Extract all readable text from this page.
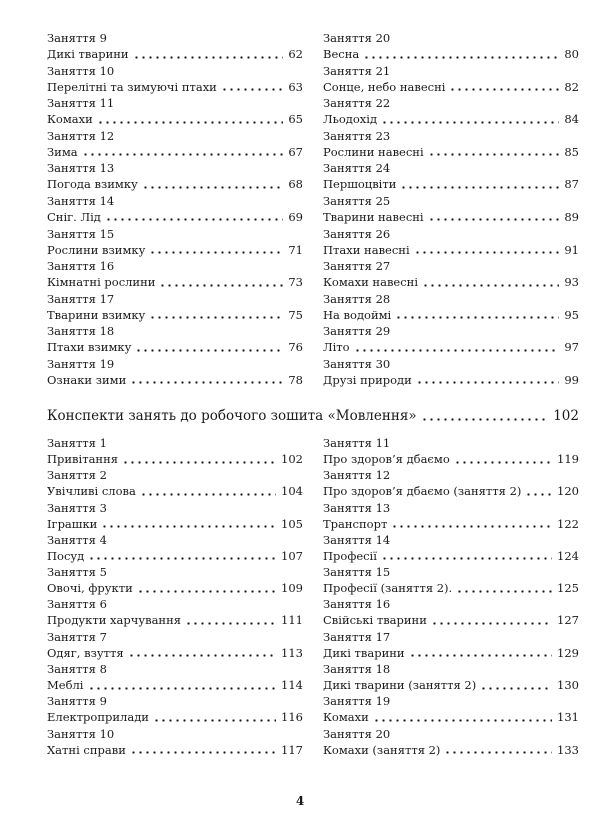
Заняття 9
Дикі тварини	62
Заняття 10
Перелітні та зимуючі птахи	63
Заняття 11
Комахи	65
Заняття 12
Зима	67
Заняття 13
Погода взимку	68
Заняття 14
Сніг. Лід	69
Заняття 15
Рослини взимку	71
Заняття 16
Кімнатні рослини	73
Заняття 17
Тварини взимку	75
Заняття 18
Птахи взимку	76
Заняття 19
Ознаки зими	78
Заняття 20
Весна	80
Заняття 21
Сонце, небо навесні	82
Заняття 22
Льодохід	84
Заняття 23
Рослини навесні	85
Заняття 24
Першоцвіти	87
Заняття 25
Тварини навесні	89
Заняття 26
Птахи навесні	91
Заняття 27
Комахи навесні	93
Заняття 28
На водоймі	95
Заняття 29
Літо	97
Заняття 30
Друзі природи	99
Конспекти занять до робочого зошита «Мовлення»	102
Заняття 1
Привітання	102
Заняття 2
Увічливі слова	104
Заняття 3
Іграшки	105
Заняття 4
Посуд	107
Заняття 5
Овочі, фрукти	109
Заняття 6
Продукти харчування	111
Заняття 7
Одяг, взуття	113
Заняття 8
Меблі	114
Заняття 9
Електроприлади	116
Заняття 10
Хатні справи	117
Заняття 11
Про здоров’я дбаємо	119
Заняття 12
Про здоров’я дбаємо (заняття 2)	120
Заняття 13
Транспорт	122
Заняття 14
Професії	124
Заняття 15
Професії (заняття 2).	125
Заняття 16
Свійські тварини	127
Заняття 17
Дикі тварини	129
Заняття 18
Дикі тварини (заняття 2)	130
Заняття 19
Комахи	131
Заняття 20
Комахи (заняття 2)	133
4
